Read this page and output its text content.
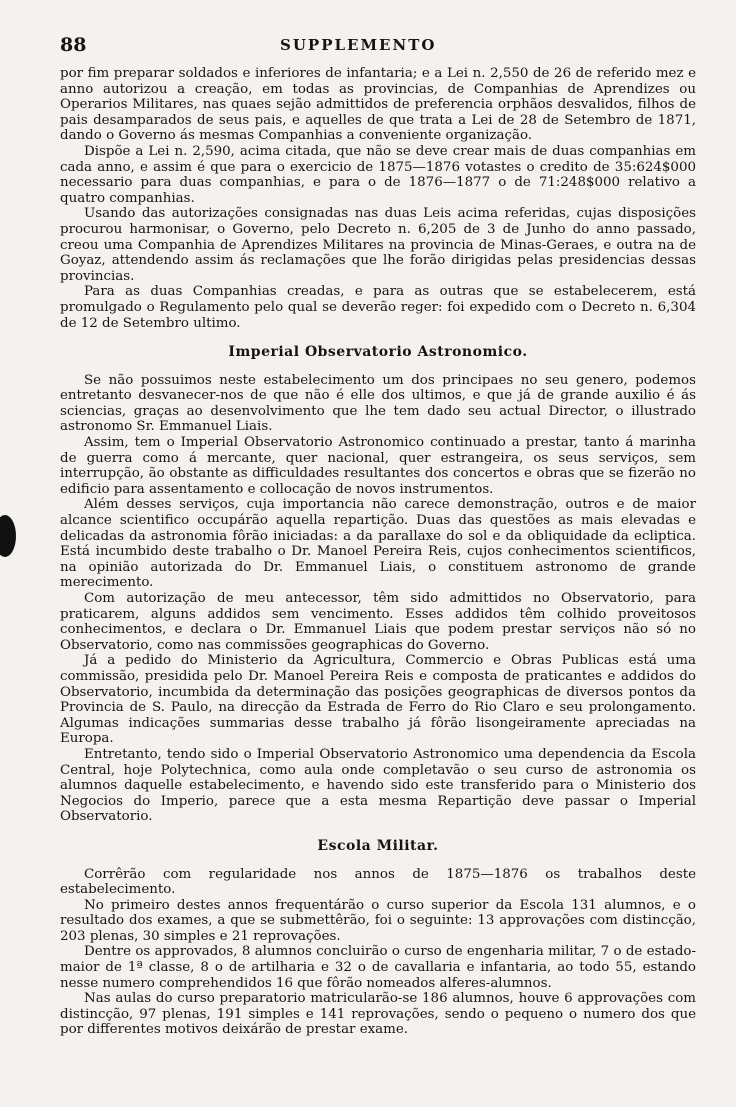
88	SUPPLEMENTO

por fim preparar soldados e inferiores de infantaria; e a Lei n. 2,550 de 26 de referido mez e anno autorizou a creação, em todas as provincias, de Companhias de Aprendizes ou Operarios Militares, nas quaes sejão admittidos de preferencia orphãos desvalidos, filhos de pais desamparados de seus pais, e aquelles de que trata a Lei de 28 de Setembro de 1871, dando o Governo ás mesmas Companhias a conveniente organização.

Dispõe a Lei n. 2,590, acima citada, que não se deve crear mais de duas companhias em cada anno, e assim é que para o exercicio de 1875—1876 votastes o credito de 35:624$000 necessario para duas companhias, e para o de 1876—1877 o de 71:248$000 relativo a quatro companhias.

Usando das autorizações consignadas nas duas Leis acima referidas, cujas disposições procurou harmonisar, o Governo, pelo Decreto n. 6,205 de 3 de Junho do anno passado, creou uma Companhia de Aprendizes Militares na provincia de Minas-Geraes, e outra na de Goyaz, attendendo assim ás reclamações que lhe forão dirigidas pelas presidencias dessas provincias.

Para as duas Companhias creadas, e para as outras que se estabelecerem, está promulgado o Regulamento pelo qual se deverão reger: foi expedido com o Decreto n. 6,304 de 12 de Setembro ultimo.

Imperial Observatorio Astronomico.

Se não possuimos neste estabelecimento um dos principaes no seu genero, podemos entretanto desvanecer-nos de que não é elle dos ultimos, e que já de grande auxilio é ás sciencias, graças ao desenvolvimento que lhe tem dado seu actual Director, o illustrado astronomo Sr. Emmanuel Liais.

Assim, tem o Imperial Observatorio Astronomico continuado a prestar, tanto á marinha de guerra como á mercante, quer nacional, quer estrangeira, os seus serviços, sem interrupção, ão obstante as difficuldades resultantes dos concertos e obras que se fizerão no edificio para assentamento e collocação de novos instrumentos.

Além desses serviços, cuja importancia não carece demonstração, outros e de maior alcance scientifico occupárão aquella repartição. Duas das questões as mais elevadas e delicadas da astronomia fôrão iniciadas: a da parallaxe do sol e da obliquidade da ecliptica. Está incumbido deste trabalho o Dr. Manoel Pereira Reis, cujos conhecimentos scientificos, na opinião autorizada do Dr. Emmanuel Liais, o constituem astronomo de grande merecimento.

Com autorização de meu antecessor, têm sido admittidos no Observatorio, para praticarem, alguns addidos sem vencimento. Esses addidos têm colhido proveitosos conhecimentos, e declara o Dr. Emmanuel Liais que podem prestar serviços não só no Observatorio, como nas commissões geographicas do Governo.

Já a pedido do Ministerio da Agricultura, Commercio e Obras Publicas está uma commissão, presidida pelo Dr. Manoel Pereira Reis e composta de praticantes e addidos do Observatorio, incumbida da determinação das posições geographicas de diversos pontos da Provincia de S. Paulo, na direcção da Estrada de Ferro do Rio Claro e seu prolongamento. Algumas indicações summarias desse trabalho já fôrão lisongeiramente apreciadas na Europa.

Entretanto, tendo sido o Imperial Observatorio Astronomico uma dependencia da Escola Central, hoje Polytechnica, como aula onde completavão o seu curso de astronomia os alumnos daquelle estabelecimento, e havendo sido este transferido para o Ministerio dos Negocios do Imperio, parece que a esta mesma Repartição deve passar o Imperial Observatorio.

Escola Militar.

Corrêrão com regularidade nos annos de 1875—1876 os trabalhos deste estabelecimento.

No primeiro destes annos frequentárão o curso superior da Escola 131 alumnos, e o resultado dos exames, a que se submettêrão, foi o seguinte: 13 approvações com distincção, 203 plenas, 30 simples e 21 reprovações.

Dentre os approvados, 8 alumnos concluirão o curso de engenharia militar, 7 o de estado-maior de 1ª classe, 8 o de artilharia e 32 o de cavallaria e infantaria, ao todo 55, estando nesse numero comprehendidos 16 que fôrão nomeados alferes-alumnos.

Nas aulas do curso preparatorio matricularão-se 186 alumnos, houve 6 approvações com distincção, 97 plenas, 191 simples e 141 reprovações, sendo o pequeno o numero dos que por differentes motivos deixárão de prestar exame.
